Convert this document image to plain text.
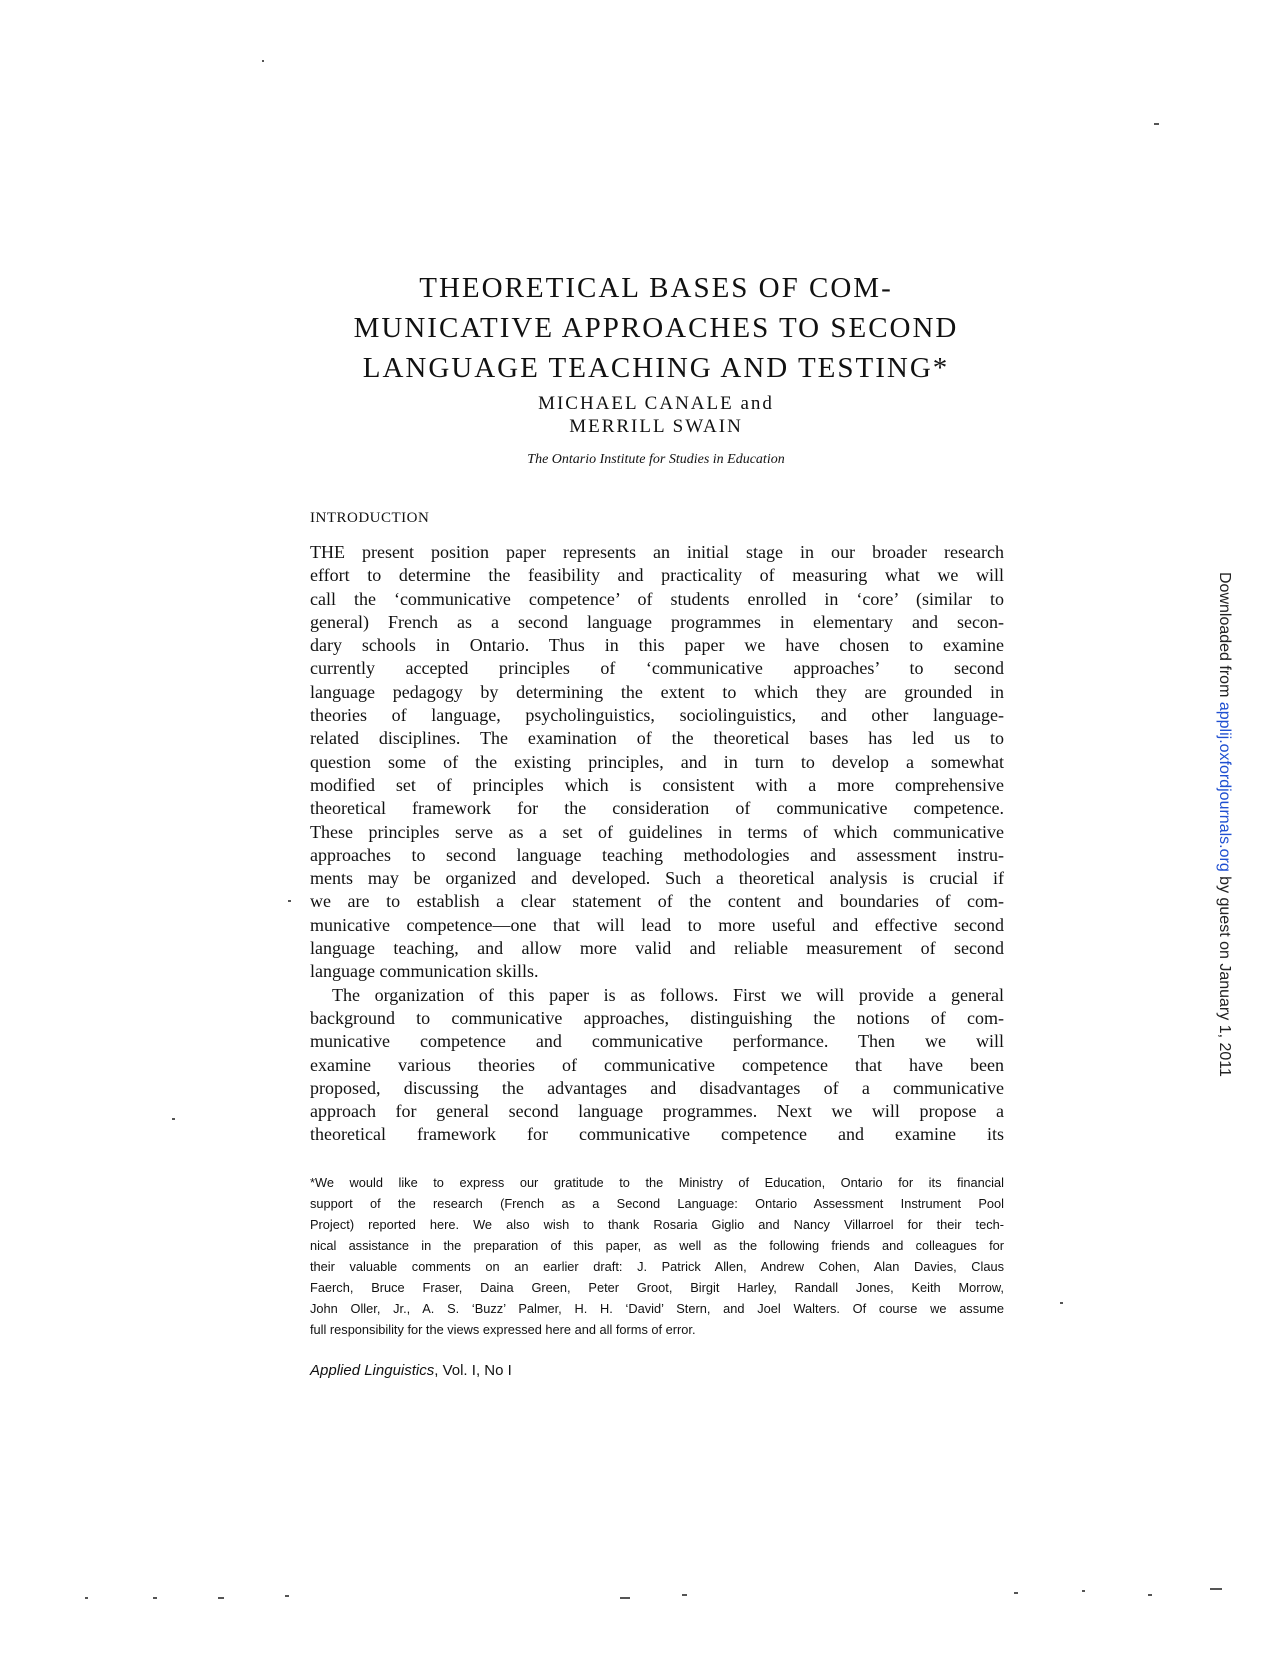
THEORETICAL BASES OF COM-
MUNICATIVE APPROACHES TO SECOND
LANGUAGE TEACHING AND TESTING*
MICHAEL CANALE and
MERRILL SWAIN
The Ontario Institute for Studies in Education
INTRODUCTION
THE present position paper represents an initial stage in our broader research
effort to determine the feasibility and practicality of measuring what we will
call the ‘communicative competence’ of students enrolled in ‘core’ (similar to
general) French as a second language programmes in elementary and secon-
dary schools in Ontario. Thus in this paper we have chosen to examine
currently accepted principles of ‘communicative approaches’ to second
language pedagogy by determining the extent to which they are grounded in
theories of language, psycholinguistics, sociolinguistics, and other language-
related disciplines. The examination of the theoretical bases has led us to
question some of the existing principles, and in turn to develop a somewhat
modified set of principles which is consistent with a more comprehensive
theoretical framework for the consideration of communicative competence.
These principles serve as a set of guidelines in terms of which communicative
approaches to second language teaching methodologies and assessment instru-
ments may be organized and developed. Such a theoretical analysis is crucial if
we are to establish a clear statement of the content and boundaries of com-
municative competence—one that will lead to more useful and effective second
language teaching, and allow more valid and reliable measurement of second
language communication skills.
The organization of this paper is as follows. First we will provide a general
background to communicative approaches, distinguishing the notions of com-
municative competence and communicative performance. Then we will
examine various theories of communicative competence that have been
proposed, discussing the advantages and disadvantages of a communicative
approach for general second language programmes. Next we will propose a
theoretical framework for communicative competence and examine its
*We would like to express our gratitude to the Ministry of Education, Ontario for its financial
support of the research (French as a Second Language: Ontario Assessment Instrument Pool
Project) reported here. We also wish to thank Rosaria Giglio and Nancy Villarroel for their tech-
nical assistance in the preparation of this paper, as well as the following friends and colleagues for
their valuable comments on an earlier draft: J. Patrick Allen, Andrew Cohen, Alan Davies, Claus
Faerch, Bruce Fraser, Daina Green, Peter Groot, Birgit Harley, Randall Jones, Keith Morrow,
John Oller, Jr., A. S. ‘Buzz’ Palmer, H. H. ‘David’ Stern, and Joel Walters. Of course we assume
full responsibility for the views expressed here and all forms of error.
Applied Linguistics, Vol. I, No I
Downloaded from applij.oxfordjournals.org by guest on January 1, 2011
